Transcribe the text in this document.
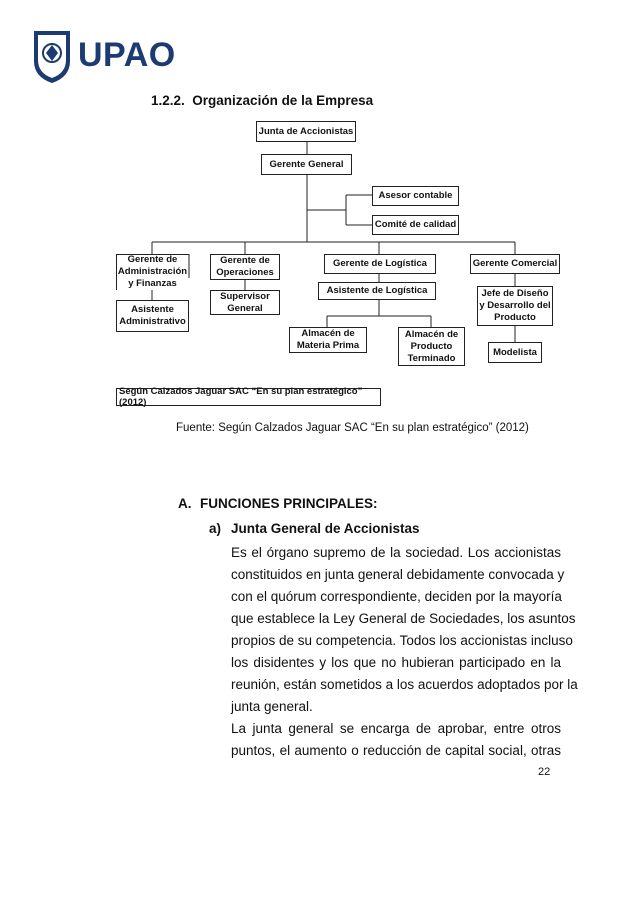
UPAO
1.2.2. Organización de la Empresa
Junta de Accionistas
Gerente General
Asesor contable
Comité de calidad
Gerente de
Administración
y Finanzas
Asistente
Administrativo
Gerente de
Operaciones
Supervisor
General
Gerente de Logística
Asistente de Logística
Almacén de
Materia Prima
Almacén de
Producto
Terminado
Gerente Comercial
Jefe de Diseño
y Desarrollo del
Producto
Modelista
Según Calzados Jaguar SAC “En su plan estratégico” (2012)
Fuente: Según Calzados Jaguar SAC “En su plan estratégico” (2012)
A. FUNCIONES PRINCIPALES:
a) Junta General de Accionistas
Es el órgano supremo de la sociedad. Los accionistas
constituidos en junta general debidamente convocada y
con el quórum correspondiente, deciden por la mayoría
que establece la Ley General de Sociedades, los asuntos
propios de su competencia. Todos los accionistas incluso
los disidentes y los que no hubieran participado en la
reunión, están sometidos a los acuerdos adoptados por la
junta general.
La junta general se encarga de aprobar, entre otros
puntos, el aumento o reducción de capital social, otras
22
